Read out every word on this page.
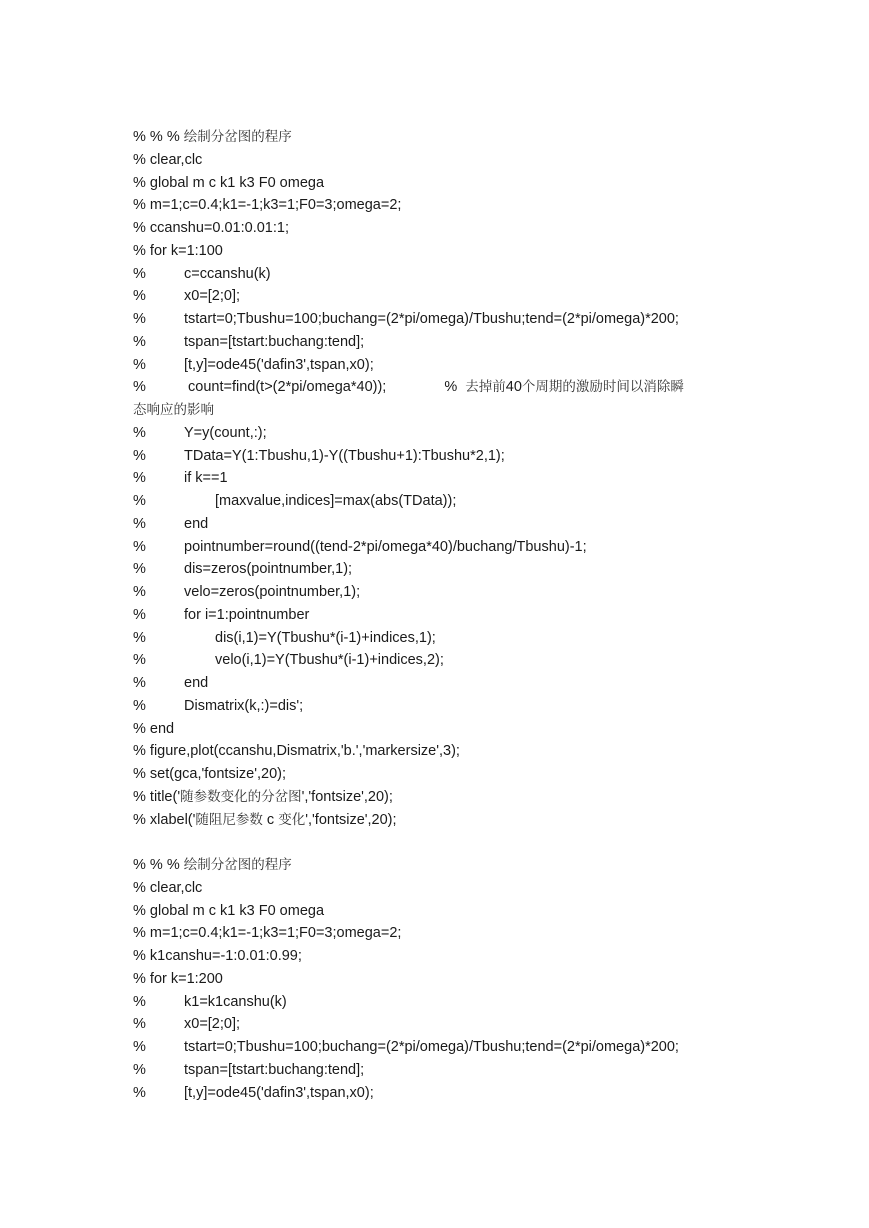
% % % 绘制分岔图的程序
% clear,clc
% global m c k1 k3 F0 omega
% m=1;c=0.4;k1=-1;k3=1;F0=3;omega=2;
% ccanshu=0.01:0.01:1;
% for k=1:100
%	c=ccanshu(k)
%	x0=[2;0];
%	tstart=0;Tbushu=100;buchang=(2*pi/omega)/Tbushu;tend=(2*pi/omega)*200;
%	tspan=[tstart:buchang:tend];
%	[t,y]=ode45('dafin3',tspan,x0);
%	count=find(t>(2*pi/omega*40));	%  去掉前40个周期的激励时间以消除瞬
态响应的影响
%	Y=y(count,:);
%	TData=Y(1:Tbushu,1)-Y((Tbushu+1):Tbushu*2,1);
%	if k==1
%	[maxvalue,indices]=max(abs(TData));
%	end
%	pointnumber=round((tend-2*pi/omega*40)/buchang/Tbushu)-1;
%	dis=zeros(pointnumber,1);
%	velo=zeros(pointnumber,1);
%	for i=1:pointnumber
%	dis(i,1)=Y(Tbushu*(i-1)+indices,1);
%	velo(i,1)=Y(Tbushu*(i-1)+indices,2);
%	end
%	Dismatrix(k,:)=dis';
% end
% figure,plot(ccanshu,Dismatrix,'b.','markersize',3);
% set(gca,'fontsize',20);
% title('随参数变化的分岔图','fontsize',20);
% xlabel('随阻尼参数 c 变化','fontsize',20);
% % % 绘制分岔图的程序
% clear,clc
% global m c k1 k3 F0 omega
% m=1;c=0.4;k1=-1;k3=1;F0=3;omega=2;
% k1canshu=-1:0.01:0.99;
% for k=1:200
%	k1=k1canshu(k)
%	x0=[2;0];
%	tstart=0;Tbushu=100;buchang=(2*pi/omega)/Tbushu;tend=(2*pi/omega)*200;
%	tspan=[tstart:buchang:tend];
%	[t,y]=ode45('dafin3',tspan,x0);
